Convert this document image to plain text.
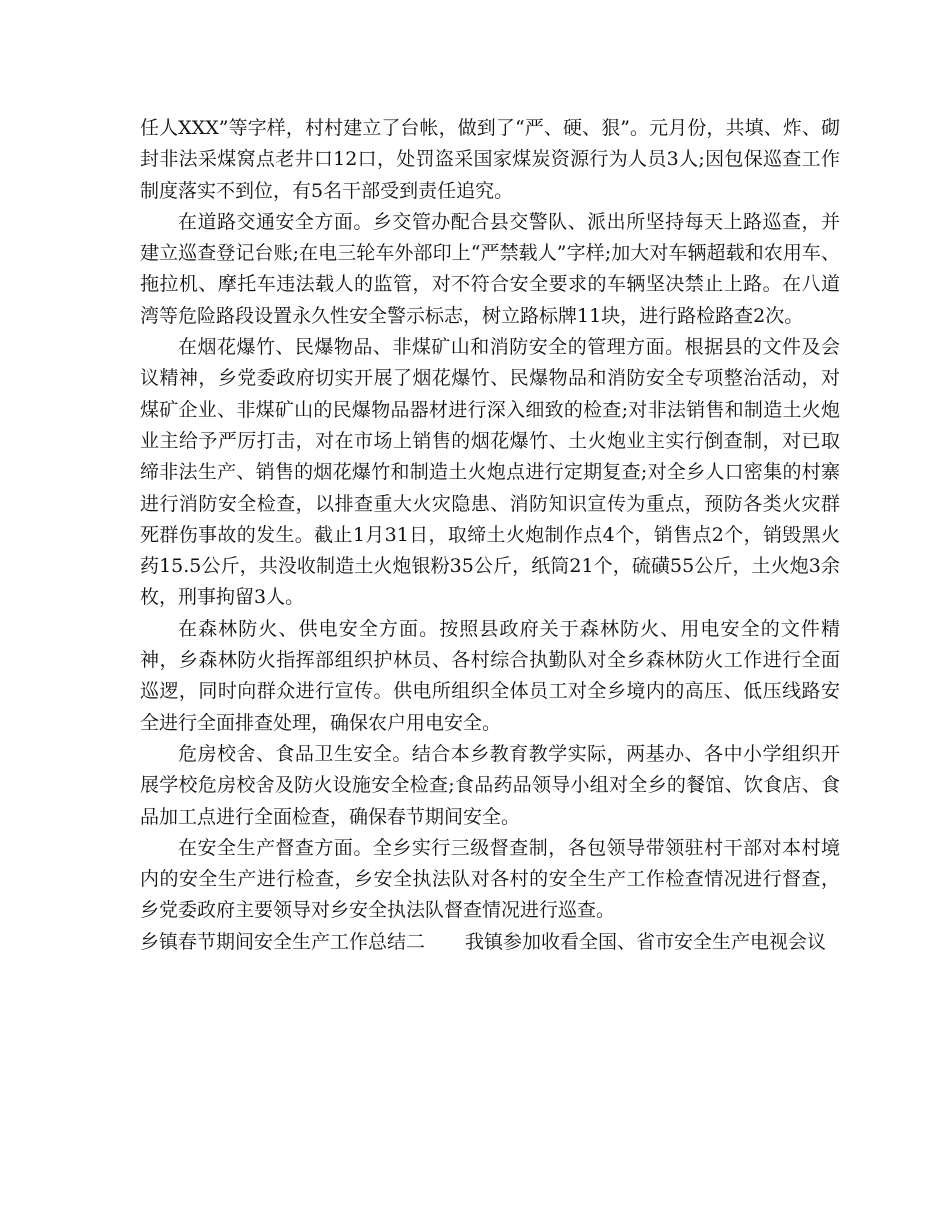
任人XXX”等字样，村村建立了台帐，做到了“严、硬、狠”。元月份，共填、炸、砌封非法采煤窝点老井口12口，处罚盗采国家煤炭资源行为人员3人;因包保巡查工作制度落实不到位，有5名干部受到责任追究。

在道路交通安全方面。乡交管办配合县交警队、派出所坚持每天上路巡查，并建立巡查登记台账;在电三轮车外部印上“严禁载人”字样;加大对车辆超载和农用车、拖拉机、摩托车违法载人的监管，对不符合安全要求的车辆坚决禁止上路。在八道湾等危险路段设置永久性安全警示标志，树立路标牌11块，进行路检路查2次。

在烟花爆竹、民爆物品、非煤矿山和消防安全的管理方面。根据县的文件及会议精神，乡党委政府切实开展了烟花爆竹、民爆物品和消防安全专项整治活动，对煤矿企业、非煤矿山的民爆物品器材进行深入细致的检查;对非法销售和制造土火炮业主给予严厉打击，对在市场上销售的烟花爆竹、土火炮业主实行倒查制，对已取缔非法生产、销售的烟花爆竹和制造土火炮点进行定期复查;对全乡人口密集的村寨进行消防安全检查，以排查重大火灾隐患、消防知识宣传为重点，预防各类火灾群死群伤事故的发生。截止1月31日，取缔土火炮制作点4个，销售点2个，销毁黑火药15.5公斤，共没收制造土火炮银粉35公斤，纸筒21个，硫磺55公斤，土火炮3余枚，刑事拘留3人。

在森林防火、供电安全方面。按照县政府关于森林防火、用电安全的文件精神，乡森林防火指挥部组织护林员、各村综合执勤队对全乡森林防火工作进行全面巡逻，同时向群众进行宣传。供电所组织全体员工对全乡境内的高压、低压线路安全进行全面排查处理，确保农户用电安全。

危房校舍、食品卫生安全。结合本乡教育教学实际，两基办、各中小学组织开展学校危房校舍及防火设施安全检查;食品药品领导小组对全乡的餐馆、饮食店、食品加工点进行全面检查，确保春节期间安全。

在安全生产督查方面。全乡实行三级督查制，各包领导带领驻村干部对本村境内的安全生产进行检查，乡安全执法队对各村的安全生产工作检查情况进行督查，乡党委政府主要领导对乡安全执法队督查情况进行巡查。

乡镇春节期间安全生产工作总结二 我镇参加收看全国、省市安全生产电视会议
